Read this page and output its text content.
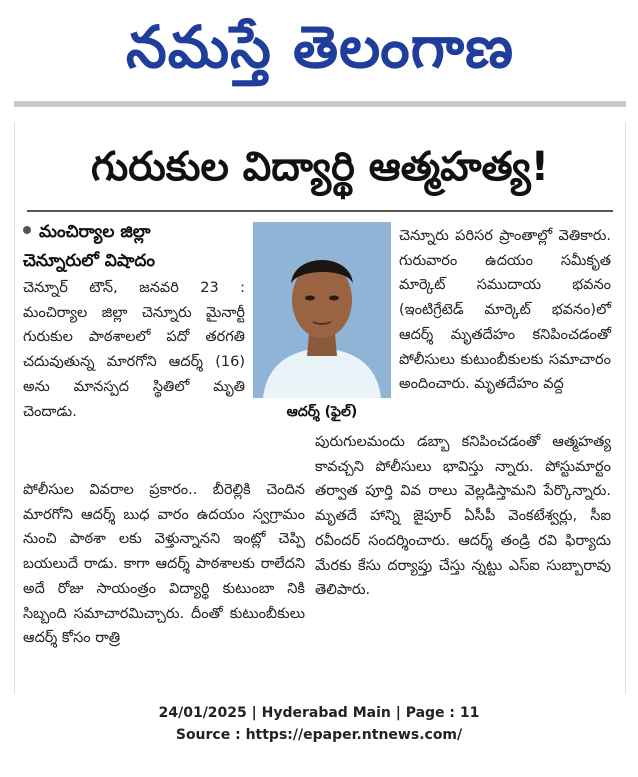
నమస్తే తెలంగాణ
గురుకుల విద్యార్థి ఆత్మహత్య!
మంచిర్యాల జిల్లా
చెన్నూరులో విషాదం
చెన్నూర్ టౌన్, జనవరి 23 : మంచిర్యాల జిల్లా చెన్నూరు మైనార్టీ గురుకుల పాఠశాలలో పదో తరగతి చదువుతున్న మారగోని ఆదర్శ్ (16) అను మానస్పద స్థితిలో మృతి చెందాడు.	ఆదర్శ్ (ఫైల్)
చెన్నూరు పరిసర ప్రాంతాల్లో వెతికారు. గురువారం ఉదయం సమీకృత మార్కెట్ సముదాయ భవనం (ఇంటిగ్రేటెడ్ మార్కెట్ భవనం)లో ఆదర్శ్ మృతదేహం కనిపించడంతో పోలీసులు కుటుంబీకులకు సమాచారం అందించారు. మృతదేహం వద్ద
పోలీసుల వివరాల ప్రకారం.. బీరెల్లికి చెందిన మారగోని ఆదర్శ్ బుధ వారం ఉదయం స్వగ్రామం నుంచి పాఠశా లకు వెళ్తున్నానని ఇంట్లో చెప్పి బయలుదే రాడు. కాగా ఆదర్శ్ పాఠశాలకు రాలేదని అదే రోజు సాయంత్రం విద్యార్థి కుటుంబా నికి సిబ్బంది సమాచారమిచ్చారు. దీంతో కుటుంబీకులు ఆదర్శ్ కోసం రాత్రి
పురుగులమందు డబ్బా కనిపించడంతో ఆత్మహత్య కావచ్చని పోలీసులు భావిస్తు న్నారు. పోస్టుమార్టం తర్వాత పూర్తి వివ రాలు వెల్లడిస్తామని పేర్కొన్నారు. మృతదే హాన్ని జైపూర్ ఏసీపీ వెంకటేశ్వర్లు, సీఐ రవీందర్ సందర్శించారు. ఆదర్శ్ తండ్రి రవి ఫిర్యాదు మేరకు కేసు దర్యాప్తు చేస్తు న్నట్టు ఎస్ఐ సుబ్బారావు తెలిపారు.
24/01/2025 | Hyderabad Main | Page : 11
Source : https://epaper.ntnews.com/
